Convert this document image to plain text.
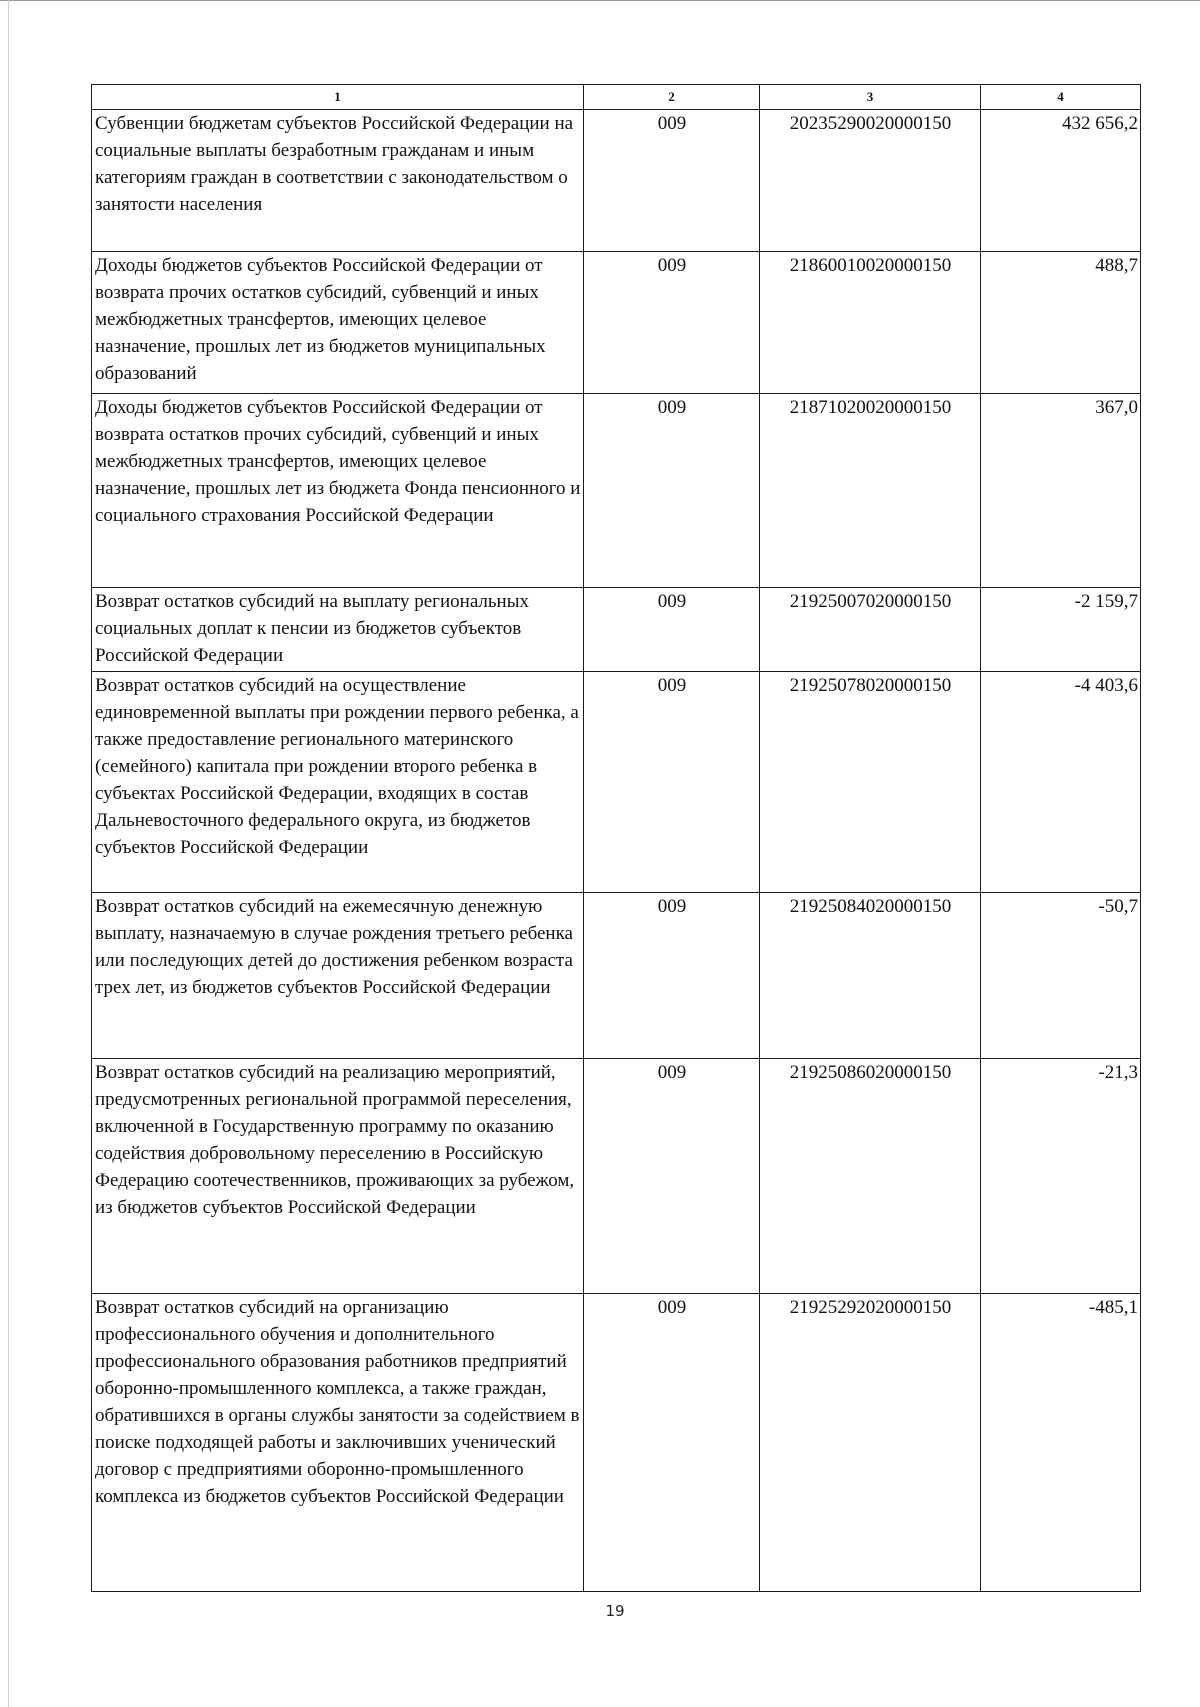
1	2	3	4
Субвенции бюджетам субъектов Российской Федерации на социальные выплаты безработным гражданам и иным категориям граждан в соответствии с законодательством о занятости населения	009	20235290020000150	432 656,2
Доходы бюджетов субъектов Российской Федерации от возврата прочих остатков субсидий, субвенций и иных межбюджетных трансфертов, имеющих целевое назначение, прошлых лет из бюджетов муниципальных образований	009	21860010020000150	488,7
Доходы бюджетов субъектов Российской Федерации от возврата остатков прочих субсидий, субвенций и иных межбюджетных трансфертов, имеющих целевое назначение, прошлых лет из бюджета Фонда пенсионного и социального страхования Российской Федерации	009	21871020020000150	367,0
Возврат остатков субсидий на выплату региональных социальных доплат к пенсии из бюджетов субъектов Российской Федерации	009	21925007020000150	-2 159,7
Возврат остатков субсидий на осуществление единовременной выплаты при рождении первого ребенка, а также предоставление регионального материнского (семейного) капитала при рождении второго ребенка в субъектах Российской Федерации, входящих в состав Дальневосточного федерального округа, из бюджетов субъектов Российской Федерации	009	21925078020000150	-4 403,6
Возврат остатков субсидий на ежемесячную денежную выплату, назначаемую в случае рождения третьего ребенка или последующих детей до достижения ребенком возраста трех лет, из бюджетов субъектов Российской Федерации	009	21925084020000150	-50,7
Возврат остатков субсидий на реализацию мероприятий, предусмотренных региональной программой переселения, включенной в Государственную программу по оказанию содействия добровольному переселению в Российскую Федерацию соотечественников, проживающих за рубежом, из бюджетов субъектов Российской Федерации	009	21925086020000150	-21,3
Возврат остатков субсидий на организацию профессионального обучения и дополнительного профессионального образования работников предприятий оборонно-промышленного комплекса, а также граждан, обратившихся в органы службы занятости за содействием в поиске подходящей работы и заключивших ученический договор с предприятиями оборонно-промышленного комплекса из бюджетов субъектов Российской Федерации	009	21925292020000150	-485,1
19
